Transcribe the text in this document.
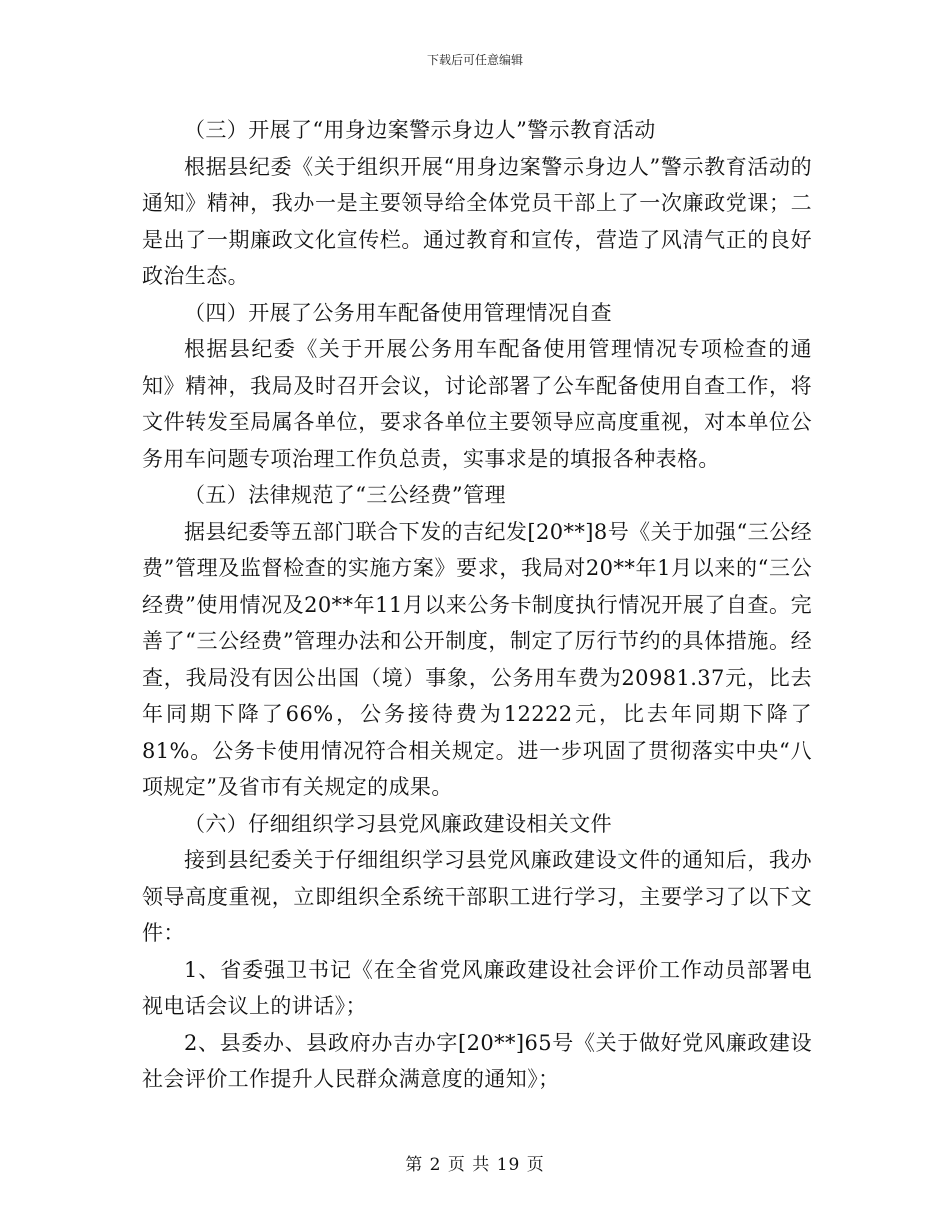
下载后可任意编辑

（三）开展了“用身边案警示身边人”警示教育活动

根据县纪委《关于组织开展“用身边案警示身边人”警示教育活动的通知》精神，我办一是主要领导给全体党员干部上了一次廉政党课；二是出了一期廉政文化宣传栏。通过教育和宣传，营造了风清气正的良好政治生态。

（四）开展了公务用车配备使用管理情况自查

根据县纪委《关于开展公务用车配备使用管理情况专项检查的通知》精神，我局及时召开会议，讨论部署了公车配备使用自查工作，将文件转发至局属各单位，要求各单位主要领导应高度重视，对本单位公务用车问题专项治理工作负总责，实事求是的填报各种表格。

（五）法律规范了“三公经费”管理

据县纪委等五部门联合下发的吉纪发[20**]8号《关于加强“三公经费”管理及监督检查的实施方案》要求，我局对20**年1月以来的“三公经费”使用情况及20**年11月以来公务卡制度执行情况开展了自查。完善了“三公经费”管理办法和公开制度，制定了厉行节约的具体措施。经查，我局没有因公出国（境）事象，公务用车费为20981.37元，比去年同期下降了66%，公务接待费为12222元，比去年同期下降了81%。公务卡使用情况符合相关规定。进一步巩固了贯彻落实中央“八项规定”及省市有关规定的成果。

（六）仔细组织学习县党风廉政建设相关文件

接到县纪委关于仔细组织学习县党风廉政建设文件的通知后，我办领导高度重视，立即组织全系统干部职工进行学习，主要学习了以下文件：

1、省委强卫书记《在全省党风廉政建设社会评价工作动员部署电视电话会议上的讲话》；

2、县委办、县政府办吉办字[20**]65号《关于做好党风廉政建设社会评价工作提升人民群众满意度的通知》；

第 2 页 共 19 页
